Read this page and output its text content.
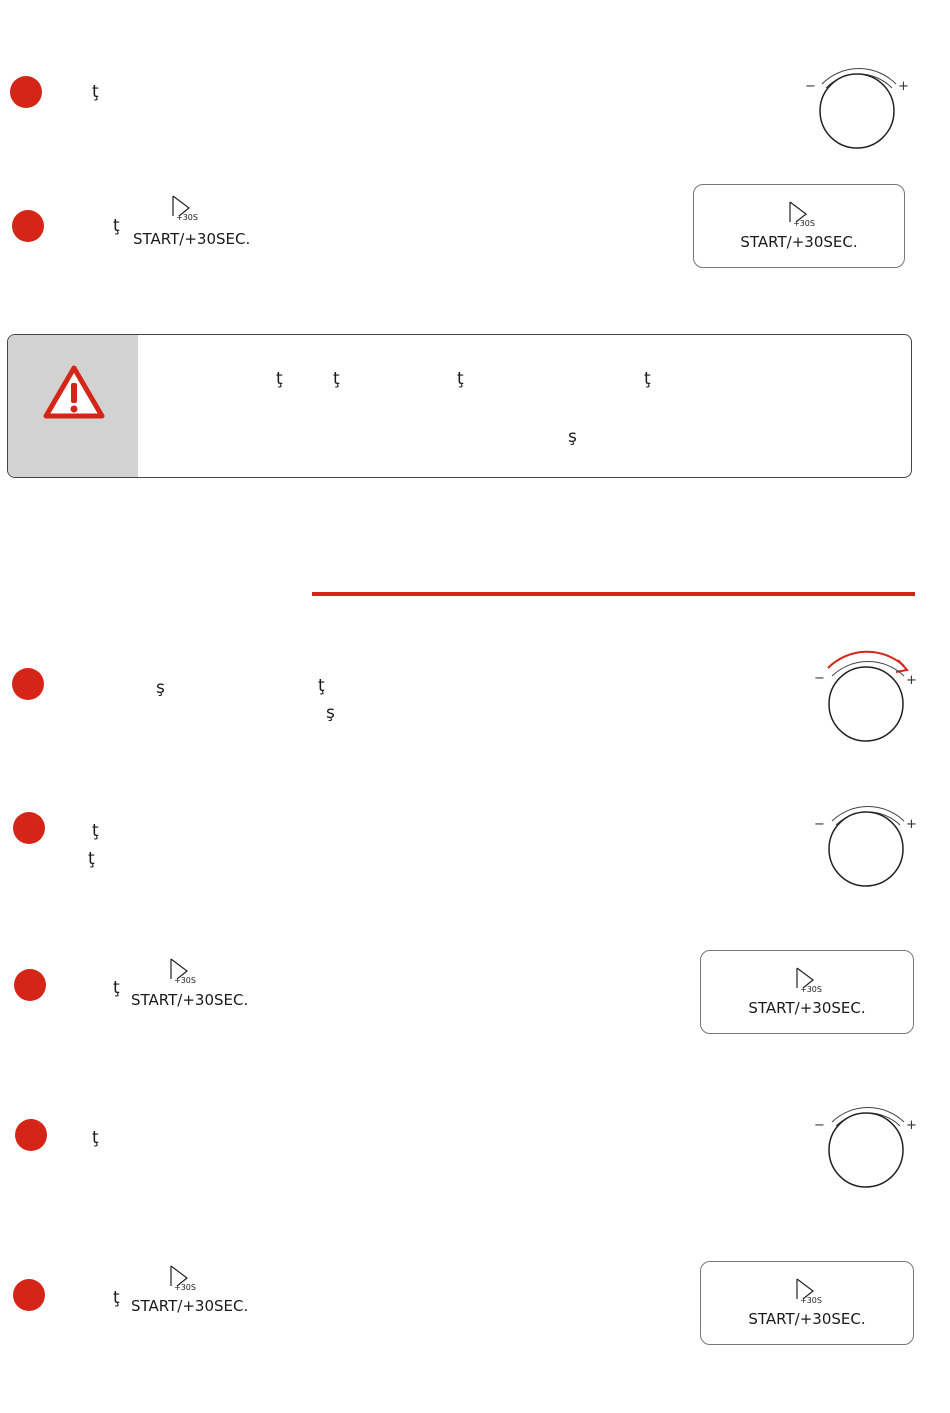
ţ	−	+
ţ	+30S
START/+30SEC.
+30S
START/+30SEC.
ţ	ţ	ţ	ţ
ş
ş	ţ
ş
−	+
ţ
ţ
−	+
ţ	+30S
START/+30SEC.
+30S
START/+30SEC.
ţ
−	+
ţ
+30S
START/+30SEC.	+30S
START/+30SEC.
